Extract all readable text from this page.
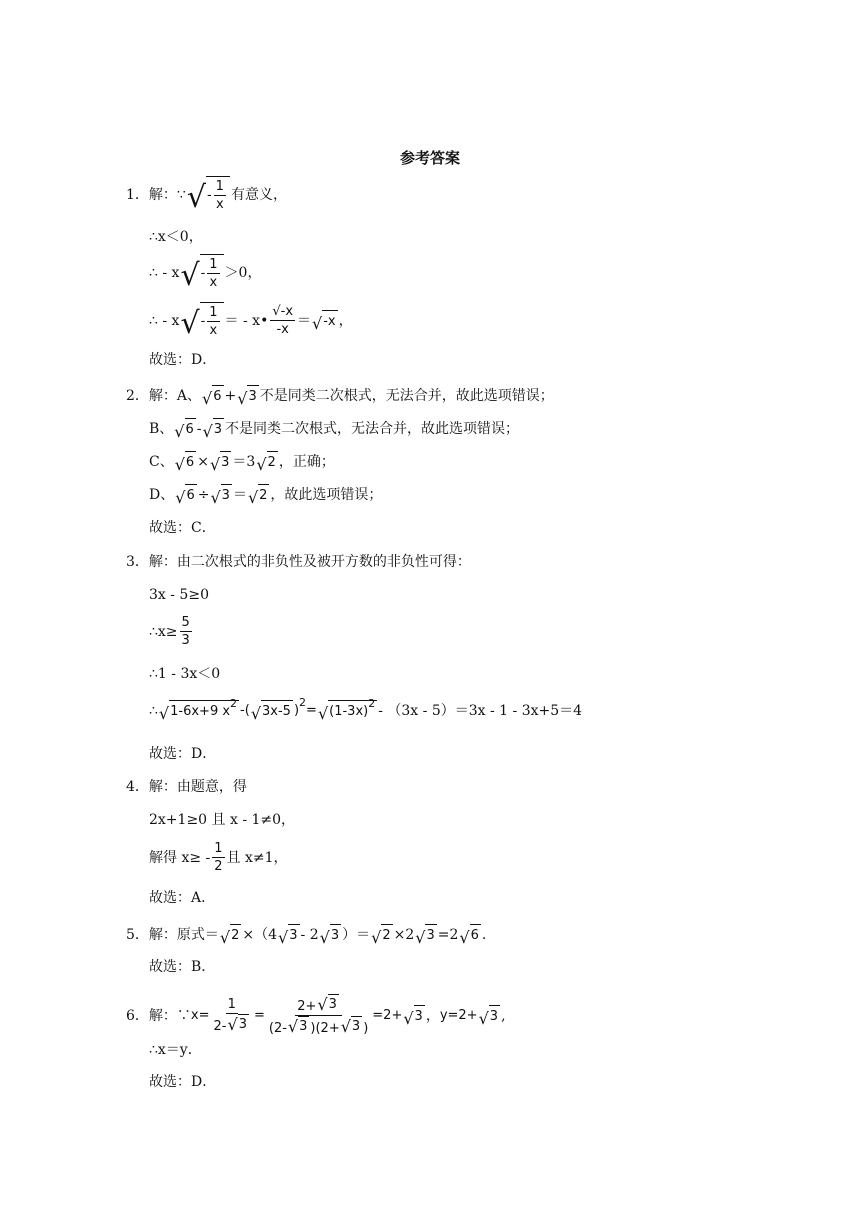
参考答案
1． 解： ∵ √ - $\frac{1}{x}$ 有意义，
∴x＜0，
∴ - x √ - $\frac{1}{x} >0$，
∴ - x √ - $\frac{1}{x}$ ＝ - x• $\frac{√-x}{-x}$ ＝ √ -x ，
故选：D．
2． 解：A、 √ 6 + √ 3 不是同类二次根式，无法合并，故此选项错误；
B、 √ 6 - √ 3 不是同类二次根式，无法合并，故此选项错误；
C、 √ 6 × √ 3 ＝3 √ 2 ，正确；
D、 √ 6 ÷ √ 3 ＝ √ 2 ，故此选项错误；
故选：C．
3． 解：由二次根式的非负性及被开方数的非负性可得：
3x - 5≥0
∴x≥ $\frac{5}{3}$
∴1 - 3x＜0
∴ √ 1-6x+9 x
2 -( √ 3x-5 )
2
= √ (1-3x)
2 - （3x - 5）＝3x - 1 - 3x+5＝4
故选：D．
4． 解：由题意，得
2x+1≥0 且 x - 1≠0，
解得 $x\ge - \frac{1}{2}$ 且 x≠1，
故选：A．
5． 解：原式＝ √ 2 ×（4 √ 3 - 2 √ 3 ）＝ √ 2 ×2 √ 3 =2 √ 6 .
故选：B．
6． 解：∵ $x= \frac{1}{2- √ 3} = \frac{2+ √ 3}{(2- √ 3 )(2+ √ 3 )} =2+$ √ 3 ， y=2+ √ 3 ,
∴x＝y．
故选：D．
